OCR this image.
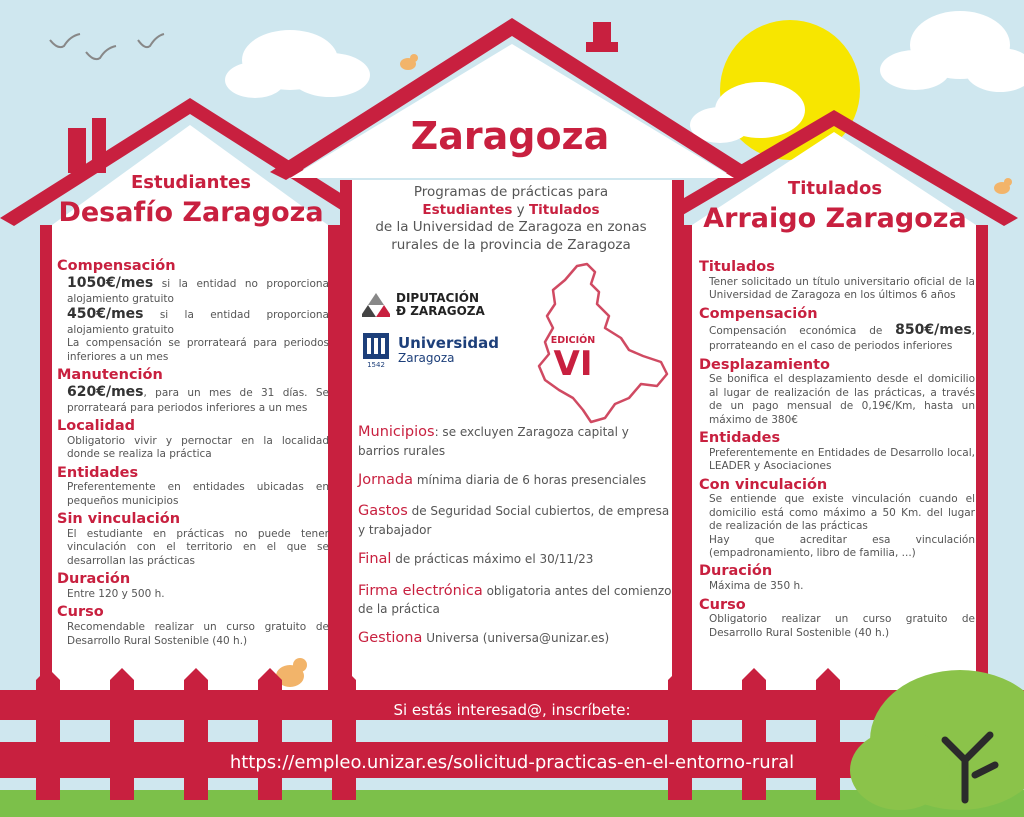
Estudiantes
Desafío Zaragoza
Compensación
1050€/mes si la entidad no proporciona alojamiento gratuito
450€/mes si la entidad proporciona alojamiento gratuito
La compensación se prorrateará para periodos inferiores a un mes
Manutención
620€/mes, para un mes de 31 días. Se prorrateará para periodos inferiores a un mes
Localidad
Obligatorio vivir y pernoctar en la localidad donde se realiza la práctica
Entidades
Preferentemente en entidades ubicadas en pequeños municipios
Sin vinculación
El estudiante en prácticas no puede tener vinculación con el territorio en el que se desarrollan las prácticas
Duración
Entre 120 y 500 h.
Curso
Recomendable realizar un curso gratuito de Desarrollo Rural Sostenible (40 h.)
Zaragoza
Programas de prácticas para
Estudiantes y Titulados
de la Universidad de Zaragoza en zonas rurales de la provincia de Zaragoza
DIPUTACIÓN
Ð ZARAGOZA
1542
Universidad
Zaragoza
EDICIÓN
VI
Municipios: se excluyen Zaragoza capital y barrios rurales
Jornada mínima diaria de 6 horas presenciales
Gastos de Seguridad Social cubiertos, de empresa y trabajador
Final de prácticas máximo el 30/11/23
Firma electrónica obligatoria antes del comienzo de la práctica
Gestiona Universa (universa@unizar.es)
Titulados
Arraigo Zaragoza
Titulados
Tener solicitado un título universitario oficial de la Universidad de Zaragoza en los últimos 6 años
Compensación
Compensación económica de 850€/mes, prorrateando en el caso de periodos inferiores
Desplazamiento
Se bonifica el desplazamiento desde el domicilio al lugar de realización de las prácticas, a través de un pago mensual de 0,19€/Km, hasta un máximo de 380€
Entidades
Preferentemente en Entidades de Desarrollo local, LEADER y Asociaciones
Con vinculación
Se entiende que existe vinculación cuando el domicilio está como máximo a 50 Km. del lugar de realización de las prácticas
Hay que acreditar esa vinculación (empadronamiento, libro de familia, ...)
Duración
Máxima de 350 h.
Curso
Obligatorio realizar un curso gratuito de Desarrollo Rural Sostenible (40 h.)
Si estás interesad@, inscríbete:
https://empleo.unizar.es/solicitud-practicas-en-el-entorno-rural
